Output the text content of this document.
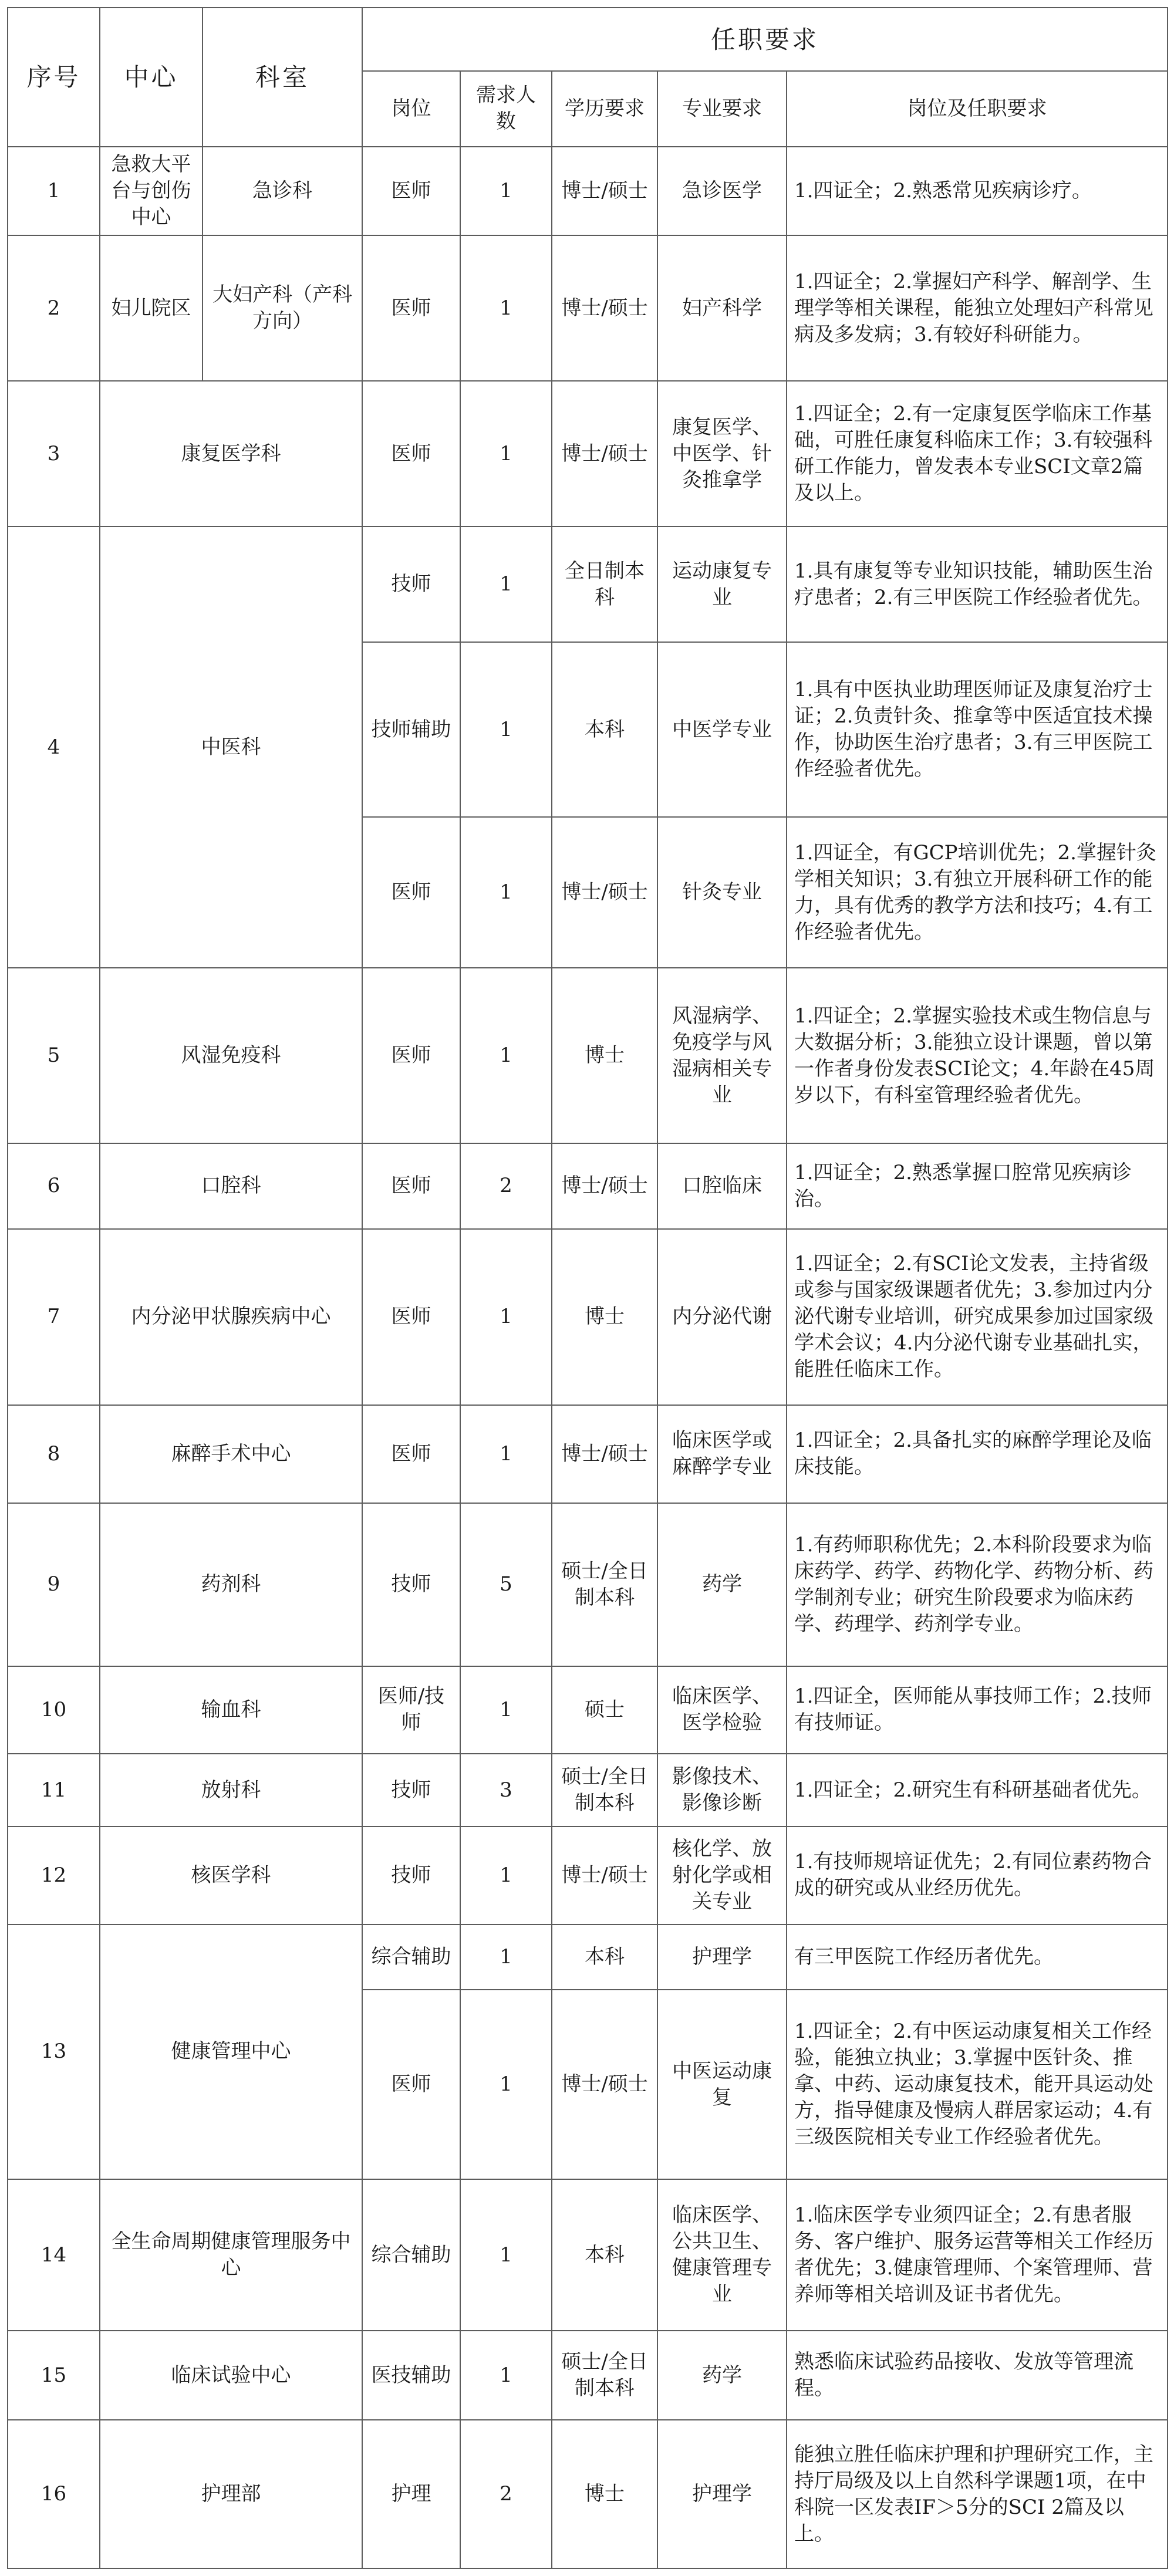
序号	中心	科室	任职要求				
			岗位	需求人数	学历要求	专业要求	岗位及任职要求
1	急救大平台与创伤中心	急诊科	医师	1	博士/硕士	急诊医学	1.四证全；2.熟悉常见疾病诊疗。
2	妇儿院区	大妇产科（产科方向）	医师	1	博士/硕士	妇产科学	1.四证全；2.掌握妇产科学、解剖学、生理学等相关课程，能独立处理妇产科常见病及多发病；3.有较好科研能力。
3	康复医学科		医师	1	博士/硕士	康复医学、中医学、针灸推拿学	1.四证全；2.有一定康复医学临床工作基础，可胜任康复科临床工作；3.有较强科研工作能力，曾发表本专业SCI文章2篇及以上。
4	中医科		技师	1	全日制本科	运动康复专业	1.具有康复等专业知识技能，辅助医生治疗患者；2.有三甲医院工作经验者优先。
			技师辅助	1	本科	中医学专业	1.具有中医执业助理医师证及康复治疗士证；2.负责针灸、推拿等中医适宜技术操作，协助医生治疗患者；3.有三甲医院工作经验者优先。
			医师	1	博士/硕士	针灸专业	1.四证全，有GCP培训优先；2.掌握针灸学相关知识；3.有独立开展科研工作的能力，具有优秀的教学方法和技巧；4.有工作经验者优先。
5	风湿免疫科		医师	1	博士	风湿病学、免疫学与风湿病相关专业	1.四证全；2.掌握实验技术或生物信息与大数据分析；3.能独立设计课题，曾以第一作者身份发表SCI论文；4.年龄在45周岁以下，有科室管理经验者优先。
6	口腔科		医师	2	博士/硕士	口腔临床	1.四证全；2.熟悉掌握口腔常见疾病诊治。
7	内分泌甲状腺疾病中心		医师	1	博士	内分泌代谢	1.四证全；2.有SCI论文发表，主持省级或参与国家级课题者优先；3.参加过内分泌代谢专业培训，研究成果参加过国家级学术会议；4.内分泌代谢专业基础扎实，能胜任临床工作。
8	麻醉手术中心		医师	1	博士/硕士	临床医学或麻醉学专业	1.四证全；2.具备扎实的麻醉学理论及临床技能。
9	药剂科		技师	5	硕士/全日制本科	药学	1.有药师职称优先；2.本科阶段要求为临床药学、药学、药物化学、药物分析、药学制剂专业；研究生阶段要求为临床药学、药理学、药剂学专业。
10	输血科		医师/技师	1	硕士	临床医学、医学检验	1.四证全，医师能从事技师工作；2.技师有技师证。
11	放射科		技师	3	硕士/全日制本科	影像技术、影像诊断	1.四证全；2.研究生有科研基础者优先。
12	核医学科		技师	1	博士/硕士	核化学、放射化学或相关专业	1.有技师规培证优先；2.有同位素药物合成的研究或从业经历优先。
13	健康管理中心		综合辅助	1	本科	护理学	有三甲医院工作经历者优先。
			医师	1	博士/硕士	中医运动康复	1.四证全；2.有中医运动康复相关工作经验，能独立执业；3.掌握中医针灸、推拿、中药、运动康复技术，能开具运动处方，指导健康及慢病人群居家运动；4.有三级医院相关专业工作经验者优先。
14	全生命周期健康管理服务中心		综合辅助	1	本科	临床医学、公共卫生、健康管理专业	1.临床医学专业须四证全；2.有患者服务、客户维护、服务运营等相关工作经历者优先；3.健康管理师、个案管理师、营养师等相关培训及证书者优先。
15	临床试验中心		医技辅助	1	硕士/全日制本科	药学	熟悉临床试验药品接收、发放等管理流程。
16	护理部		护理	2	博士	护理学	能独立胜任临床护理和护理研究工作，主持厅局级及以上自然科学课题1项，在中科院一区发表IF＞5分的SCI 2篇及以上。
